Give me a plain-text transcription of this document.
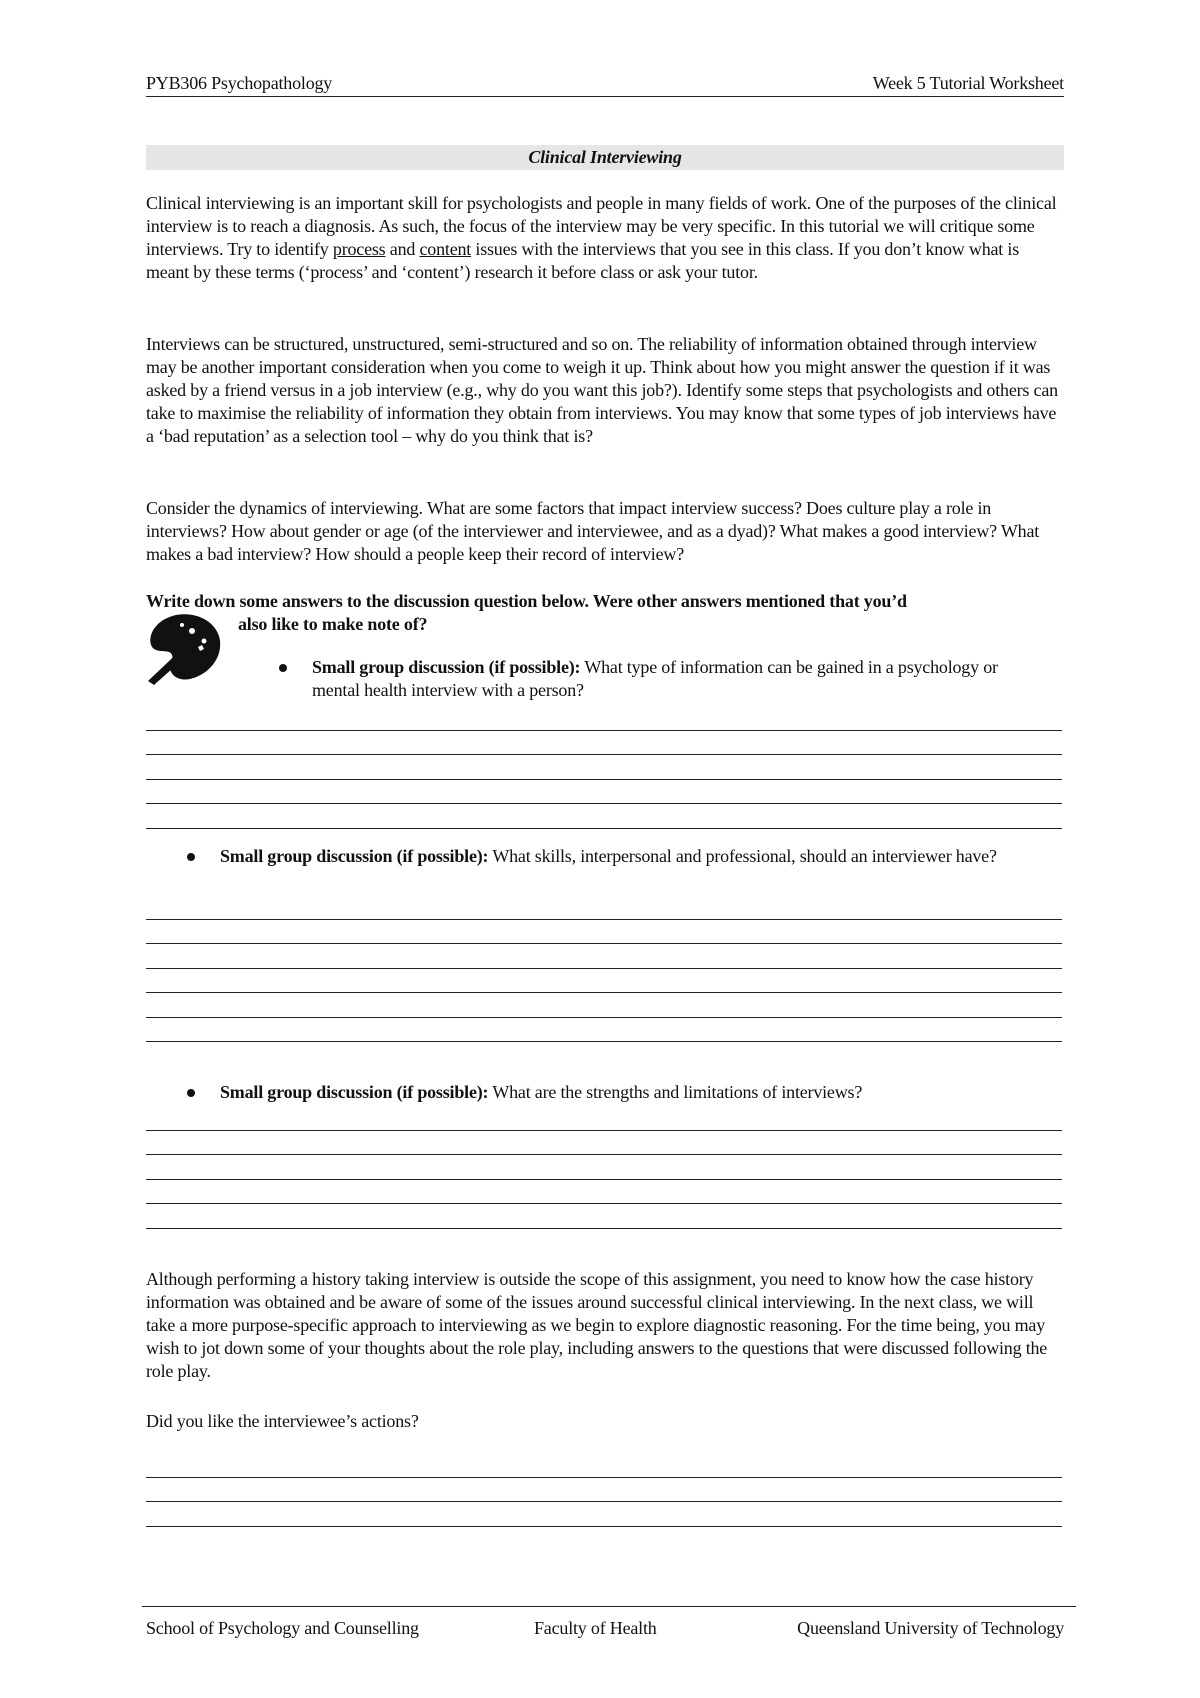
PYB306 Psychopathology	Week 5 Tutorial Worksheet
Clinical Interviewing

Clinical interviewing is an important skill for psychologists and people in many fields of work. One of the purposes of the clinical interview is to reach a diagnosis. As such, the focus of the interview may be very specific. In this tutorial we will critique some interviews. Try to identify process and content issues with the interviews that you see in this class. If you don’t know what is meant by these terms (‘process’ and ‘content’) research it before class or ask your tutor.

Interviews can be structured, unstructured, semi-structured and so on. The reliability of information obtained through interview may be another important consideration when you come to weigh it up. Think about how you might answer the question if it was asked by a friend versus in a job interview (e.g., why do you want this job?). Identify some steps that psychologists and others can take to maximise the reliability of information they obtain from interviews. You may know that some types of job interviews have a ‘bad reputation’ as a selection tool – why do you think that is?

Consider the dynamics of interviewing. What are some factors that impact interview success? Does culture play a role in interviews? How about gender or age (of the interviewer and interviewee, and as a dyad)? What makes a good interview? What makes a bad interview? How should a people keep their record of interview?

Write down some answers to the discussion question below. Were other answers mentioned that you’d
also like to make note of?
Small group discussion (if possible): What type of information can be gained in a psychology or mental health interview with a person?
Small group discussion (if possible): What skills, interpersonal and professional, should an interviewer have?
Small group discussion (if possible): What are the strengths and limitations of interviews?

Although performing a history taking interview is outside the scope of this assignment, you need to know how the case history information was obtained and be aware of some of the issues around successful clinical interviewing. In the next class, we will take a more purpose-specific approach to interviewing as we begin to explore diagnostic reasoning. For the time being, you may wish to jot down some of your thoughts about the role play, including answers to the questions that were discussed following the role play.

Did you like the interviewee’s actions?
School of Psychology and Counselling	Faculty of Health	Queensland University of Technology
